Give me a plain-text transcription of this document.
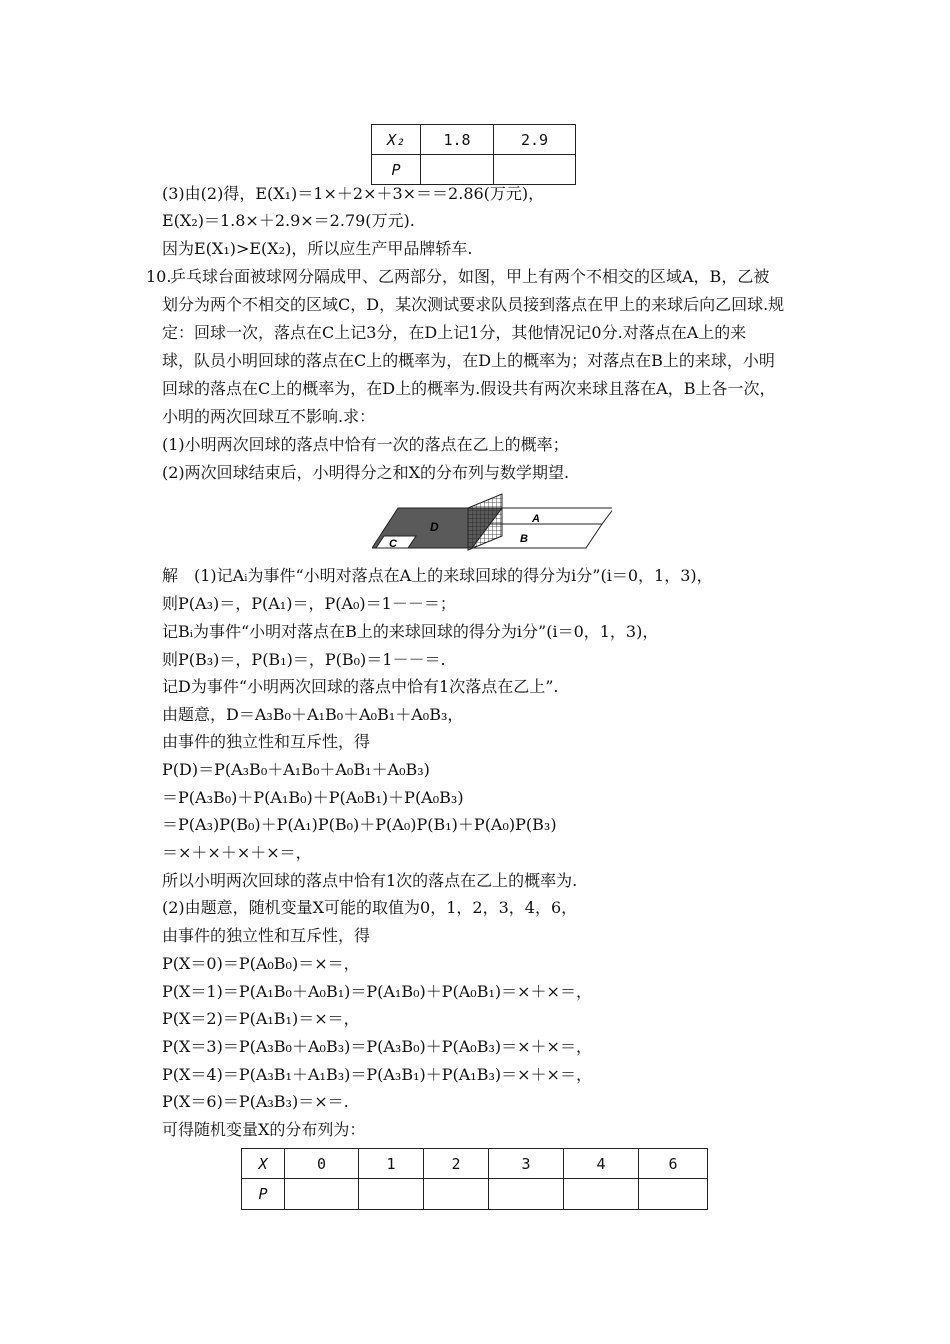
X₂	1.8	2.9
P		
(3)由(2)得，E(X₁)＝1×＋2×＋3×＝＝2.86(万元)，
E(X₂)＝1.8×＋2.9×＝2.79(万元).
因为E(X₁)>E(X₂)，所以应生产甲品牌轿车.
10.
乒乓球台面被球网分隔成甲、乙两部分，如图，甲上有两个不相交的区域A，B，乙被
划分为两个不相交的区域C，D，某次测试要求队员接到落点在甲上的来球后向乙回球.规
定：回球一次，落点在C上记3分，在D上记1分，其他情况记0分.对落点在A上的来
球，队员小明回球的落点在C上的概率为，在D上的概率为；对落点在B上的来球，小明
回球的落点在C上的概率为，在D上的概率为.假设共有两次来球且落在A，B上各一次，
小明的两次回球互不影响.求：
(1)小明两次回球的落点中恰有一次的落点在乙上的概率；
(2)两次回球结束后，小明得分之和X的分布列与数学期望.
D
C
A
B
解　(1)记Aᵢ为事件“小明对落点在A上的来球回球的得分为i分”(i＝0，1，3)，
则P(A₃)＝，P(A₁)＝，P(A₀)＝1－－＝；
记Bᵢ为事件“小明对落点在B上的来球回球的得分为i分”(i＝0，1，3)，
则P(B₃)＝，P(B₁)＝，P(B₀)＝1－－＝.
记D为事件“小明两次回球的落点中恰有1次落点在乙上”.
由题意，D＝A₃B₀＋A₁B₀＋A₀B₁＋A₀B₃，
由事件的独立性和互斥性，得
P(D)＝P(A₃B₀＋A₁B₀＋A₀B₁＋A₀B₃)
＝P(A₃B₀)＋P(A₁B₀)＋P(A₀B₁)＋P(A₀B₃)
＝P(A₃)P(B₀)＋P(A₁)P(B₀)＋P(A₀)P(B₁)＋P(A₀)P(B₃)
＝×＋×＋×＋×＝，
所以小明两次回球的落点中恰有1次的落点在乙上的概率为.
(2)由题意，随机变量X可能的取值为0，1，2，3，4，6，
由事件的独立性和互斥性，得
P(X＝0)＝P(A₀B₀)＝×＝，
P(X＝1)＝P(A₁B₀＋A₀B₁)＝P(A₁B₀)＋P(A₀B₁)＝×＋×＝，
P(X＝2)＝P(A₁B₁)＝×＝，
P(X＝3)＝P(A₃B₀＋A₀B₃)＝P(A₃B₀)＋P(A₀B₃)＝×＋×＝，
P(X＝4)＝P(A₃B₁＋A₁B₃)＝P(A₃B₁)＋P(A₁B₃)＝×＋×＝，
P(X＝6)＝P(A₃B₃)＝×＝.
可得随机变量X的分布列为：
X	0	1	2	3	4	6
P						
